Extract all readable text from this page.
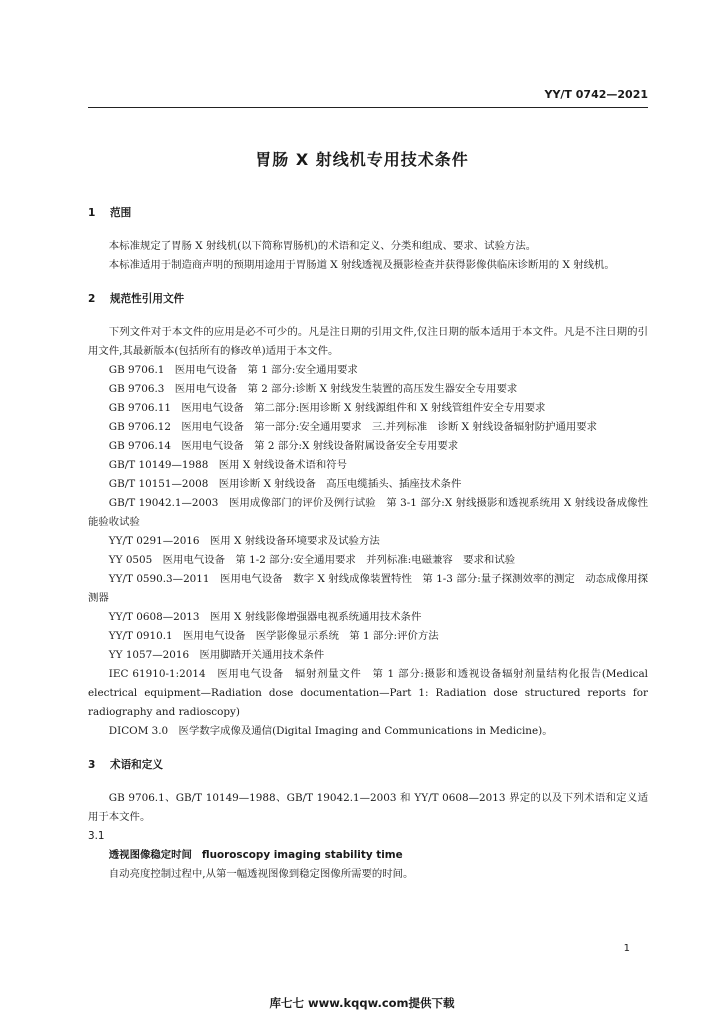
YY/T 0742—2021
胃肠 X 射线机专用技术条件
1 范围

本标准规定了胃肠 X 射线机(以下简称胃肠机)的术语和定义、分类和组成、要求、试验方法。

本标准适用于制造商声明的预期用途用于胃肠道 X 射线透视及摄影检查并获得影像供临床诊断用的 X 射线机。

2 规范性引用文件

下列文件对于本文件的应用是必不可少的。凡是注日期的引用文件,仅注日期的版本适用于本文件。凡是不注日期的引用文件,其最新版本(包括所有的修改单)适用于本文件。

GB 9706.1　医用电气设备　第 1 部分:安全通用要求

GB 9706.3　医用电气设备　第 2 部分:诊断 X 射线发生装置的高压发生器安全专用要求

GB 9706.11　医用电气设备　第二部分:医用诊断 X 射线源组件和 X 射线管组件安全专用要求

GB 9706.12　医用电气设备　第一部分:安全通用要求　三.并列标准　诊断 X 射线设备辐射防护通用要求

GB 9706.14　医用电气设备　第 2 部分:X 射线设备附属设备安全专用要求

GB/T 10149—1988　医用 X 射线设备术语和符号

GB/T 10151—2008　医用诊断 X 射线设备　高压电缆插头、插座技术条件

GB/T 19042.1—2003　医用成像部门的评价及例行试验　第 3-1 部分:X 射线摄影和透视系统用 X 射线设备成像性能验收试验

YY/T 0291—2016　医用 X 射线设备环境要求及试验方法

YY 0505　医用电气设备　第 1-2 部分:安全通用要求　并列标准:电磁兼容　要求和试验

YY/T 0590.3—2011　医用电气设备　数字 X 射线成像装置特性　第 1-3 部分:量子探测效率的测定　动态成像用探测器

YY/T 0608—2013　医用 X 射线影像增强器电视系统通用技术条件

YY/T 0910.1　医用电气设备　医学影像显示系统　第 1 部分:评价方法

YY 1057—2016　医用脚踏开关通用技术条件

IEC 61910-1:2014　医用电气设备　辐射剂量文件　第 1 部分:摄影和透视设备辐射剂量结构化报告(Medical electrical equipment—Radiation dose documentation—Part 1: Radiation dose structured reports for radiography and radioscopy)

DICOM 3.0　医学数字成像及通信(Digital Imaging and Communications in Medicine)。

3 术语和定义

GB 9706.1、GB/T 10149—1988、GB/T 19042.1—2003 和 YY/T 0608—2013 界定的以及下列术语和定义适用于本文件。

3.1

透视图像稳定时间 fluoroscopy imaging stability time

自动亮度控制过程中,从第一幅透视图像到稳定图像所需要的时间。

1
库七七 www.kqqw.com提供下载
